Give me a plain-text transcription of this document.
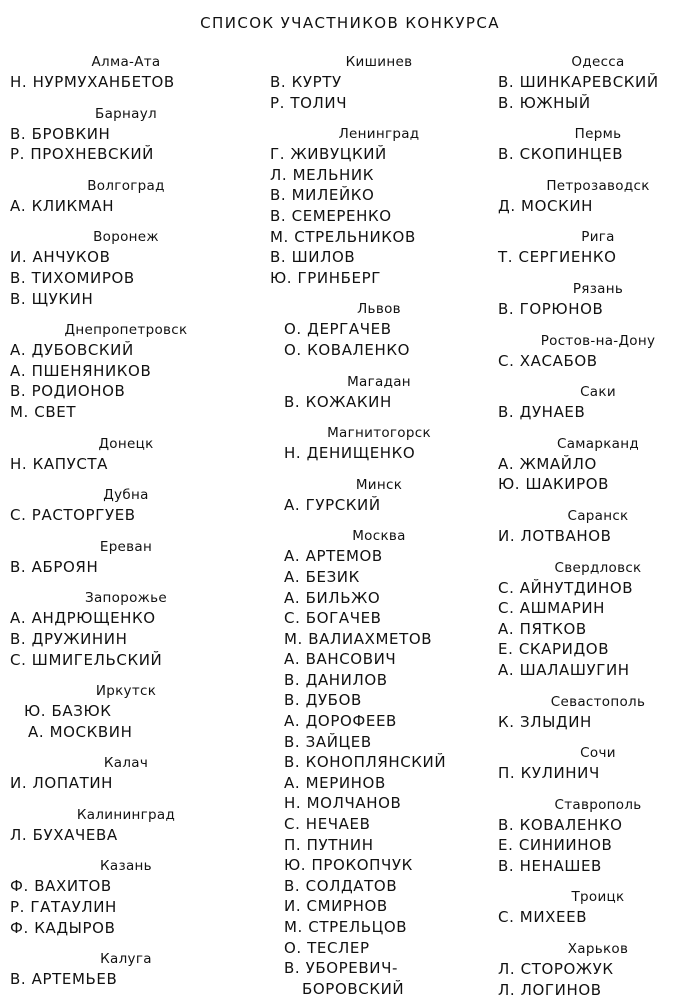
СПИСОК УЧАСТНИКОВ КОНКУРСА
Алма-Ата
Н. НУРМУХАНБЕТОВ
Барнаул
В. БРОВКИН
Р. ПРОХНЕВСКИЙ
Волгоград
А. КЛИКМАН
Воронеж
И. АНЧУКОВ
В. ТИХОМИРОВ
В. ЩУКИН
Днепропетровск
А. ДУБОВСКИЙ
А. ПШЕНЯНИКОВ
В. РОДИОНОВ
М. СВЕТ
Донецк
Н. КАПУСТА
Дубна
С. РАСТОРГУЕВ
Ереван
В. АБРОЯН
Запорожье
А. АНДРЮЩЕНКО
В. ДРУЖИНИН
С. ШМИГЕЛЬСКИЙ
Иркутск
Ю. БАЗЮК
А. МОСКВИН
Калач
И. ЛОПАТИН
Калининград
Л. БУХАЧЕВА
Казань
Ф. ВАХИТОВ
Р. ГАТАУЛИН
Ф. КАДЫРОВ
Калуга
В. АРТЕМЬЕВ
Кишинев
В. КУРТУ
Р. ТОЛИЧ
Ленинград
Г. ЖИВУЦКИЙ
Л. МЕЛЬНИК
В. МИЛЕЙКО
В. СЕМЕРЕНКО
М. СТРЕЛЬНИКОВ
В. ШИЛОВ
Ю. ГРИНБЕРГ
Львов
О. ДЕРГАЧЕВ
О. КОВАЛЕНКО
Магадан
В. КОЖАКИН
Магнитогорск
Н. ДЕНИЩЕНКО
Минск
А. ГУРСКИЙ
Москва
А. АРТЕМОВ
А. БЕЗИК
А. БИЛЬЖО
С. БОГАЧЕВ
М. ВАЛИАХМЕТОВ
А. ВАНСОВИЧ
В. ДАНИЛОВ
В. ДУБОВ
А. ДОРОФЕЕВ
В. ЗАЙЦЕВ
В. КОНОПЛЯНСКИЙ
А. МЕРИНОВ
Н. МОЛЧАНОВ
С. НЕЧАЕВ
П. ПУТНИН
Ю. ПРОКОПЧУК
В. СОЛДАТОВ
И. СМИРНОВ
М. СТРЕЛЬЦОВ
О. ТЕСЛЕР
В. УБОРЕВИЧ-
БОРОВСКИЙ
Одесса
В. ШИНКАРЕВСКИЙ
В. ЮЖНЫЙ
Пермь
В. СКОПИНЦЕВ
Петрозаводск
Д. МОСКИН
Рига
Т. СЕРГИЕНКО
Рязань
В. ГОРЮНОВ
Ростов-на-Дону
С. ХАСАБОВ
Саки
В. ДУНАЕВ
Самарканд
А. ЖМАЙЛО
Ю. ШАКИРОВ
Саранск
И. ЛОТВАНОВ
Свердловск
С. АЙНУТДИНОВ
С. АШМАРИН
А. ПЯТКОВ
Е. СКАРИДОВ
А. ШАЛАШУГИН
Севастополь
К. ЗЛЫДИН
Сочи
П. КУЛИНИЧ
Ставрополь
В. КОВАЛЕНКО
Е. СИНИИНОВ
В. НЕНАШЕВ
Троицк
С. МИХЕЕВ
Харьков
Л. СТОРОЖУК
Л. ЛОГИНОВ
